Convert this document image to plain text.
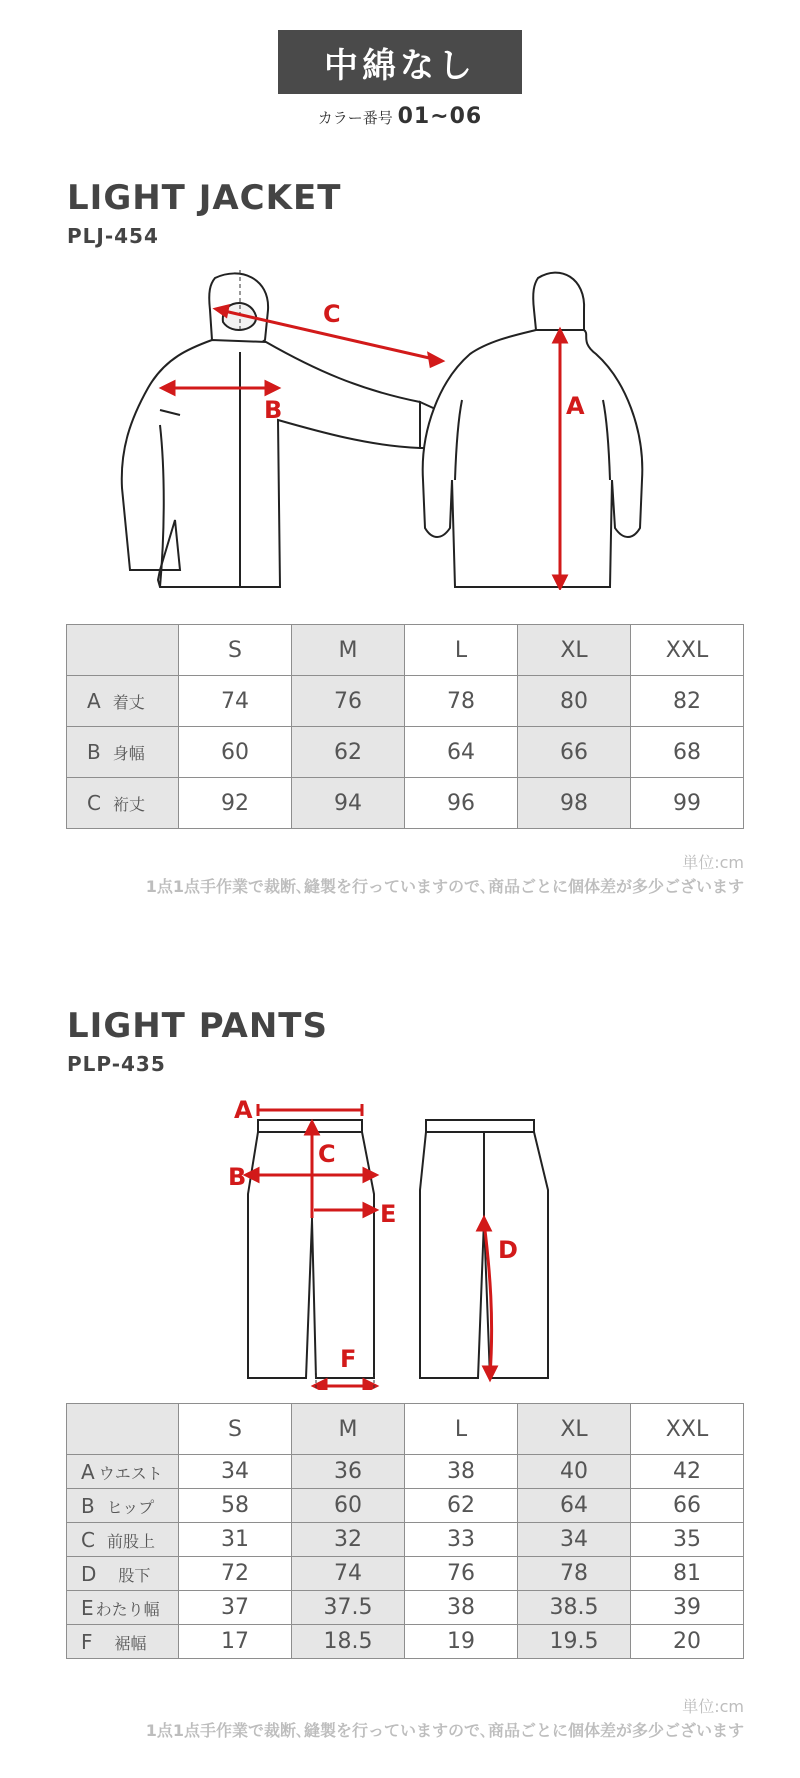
中綿なし
カラー番号 01~06
LIGHT JACKET
PLJ-454
C
B	A
	S	M	L	XL	XXL
A 着丈	74	76	78	80	82
B 身幅	60	62	64	66	68
C 裄丈	92	94	96	98	99
単位:cm
1点1点手作業で裁断､縫製を行っていますので､商品ごとに個体差が多少ございます
LIGHT PANTS
PLP-435
A
B
C
E
D
F
	S	M	L	XL	XXL
A ウエスト	34	36	38	40	42
B ヒップ	58	60	62	64	66
C 前股上	31	32	33	34	35
D 股下	72	74	76	78	81
E わたり幅	37	37.5	38	38.5	39
F 裾幅	17	18.5	19	19.5	20
単位:cm
1点1点手作業で裁断､縫製を行っていますので､商品ごとに個体差が多少ございます
